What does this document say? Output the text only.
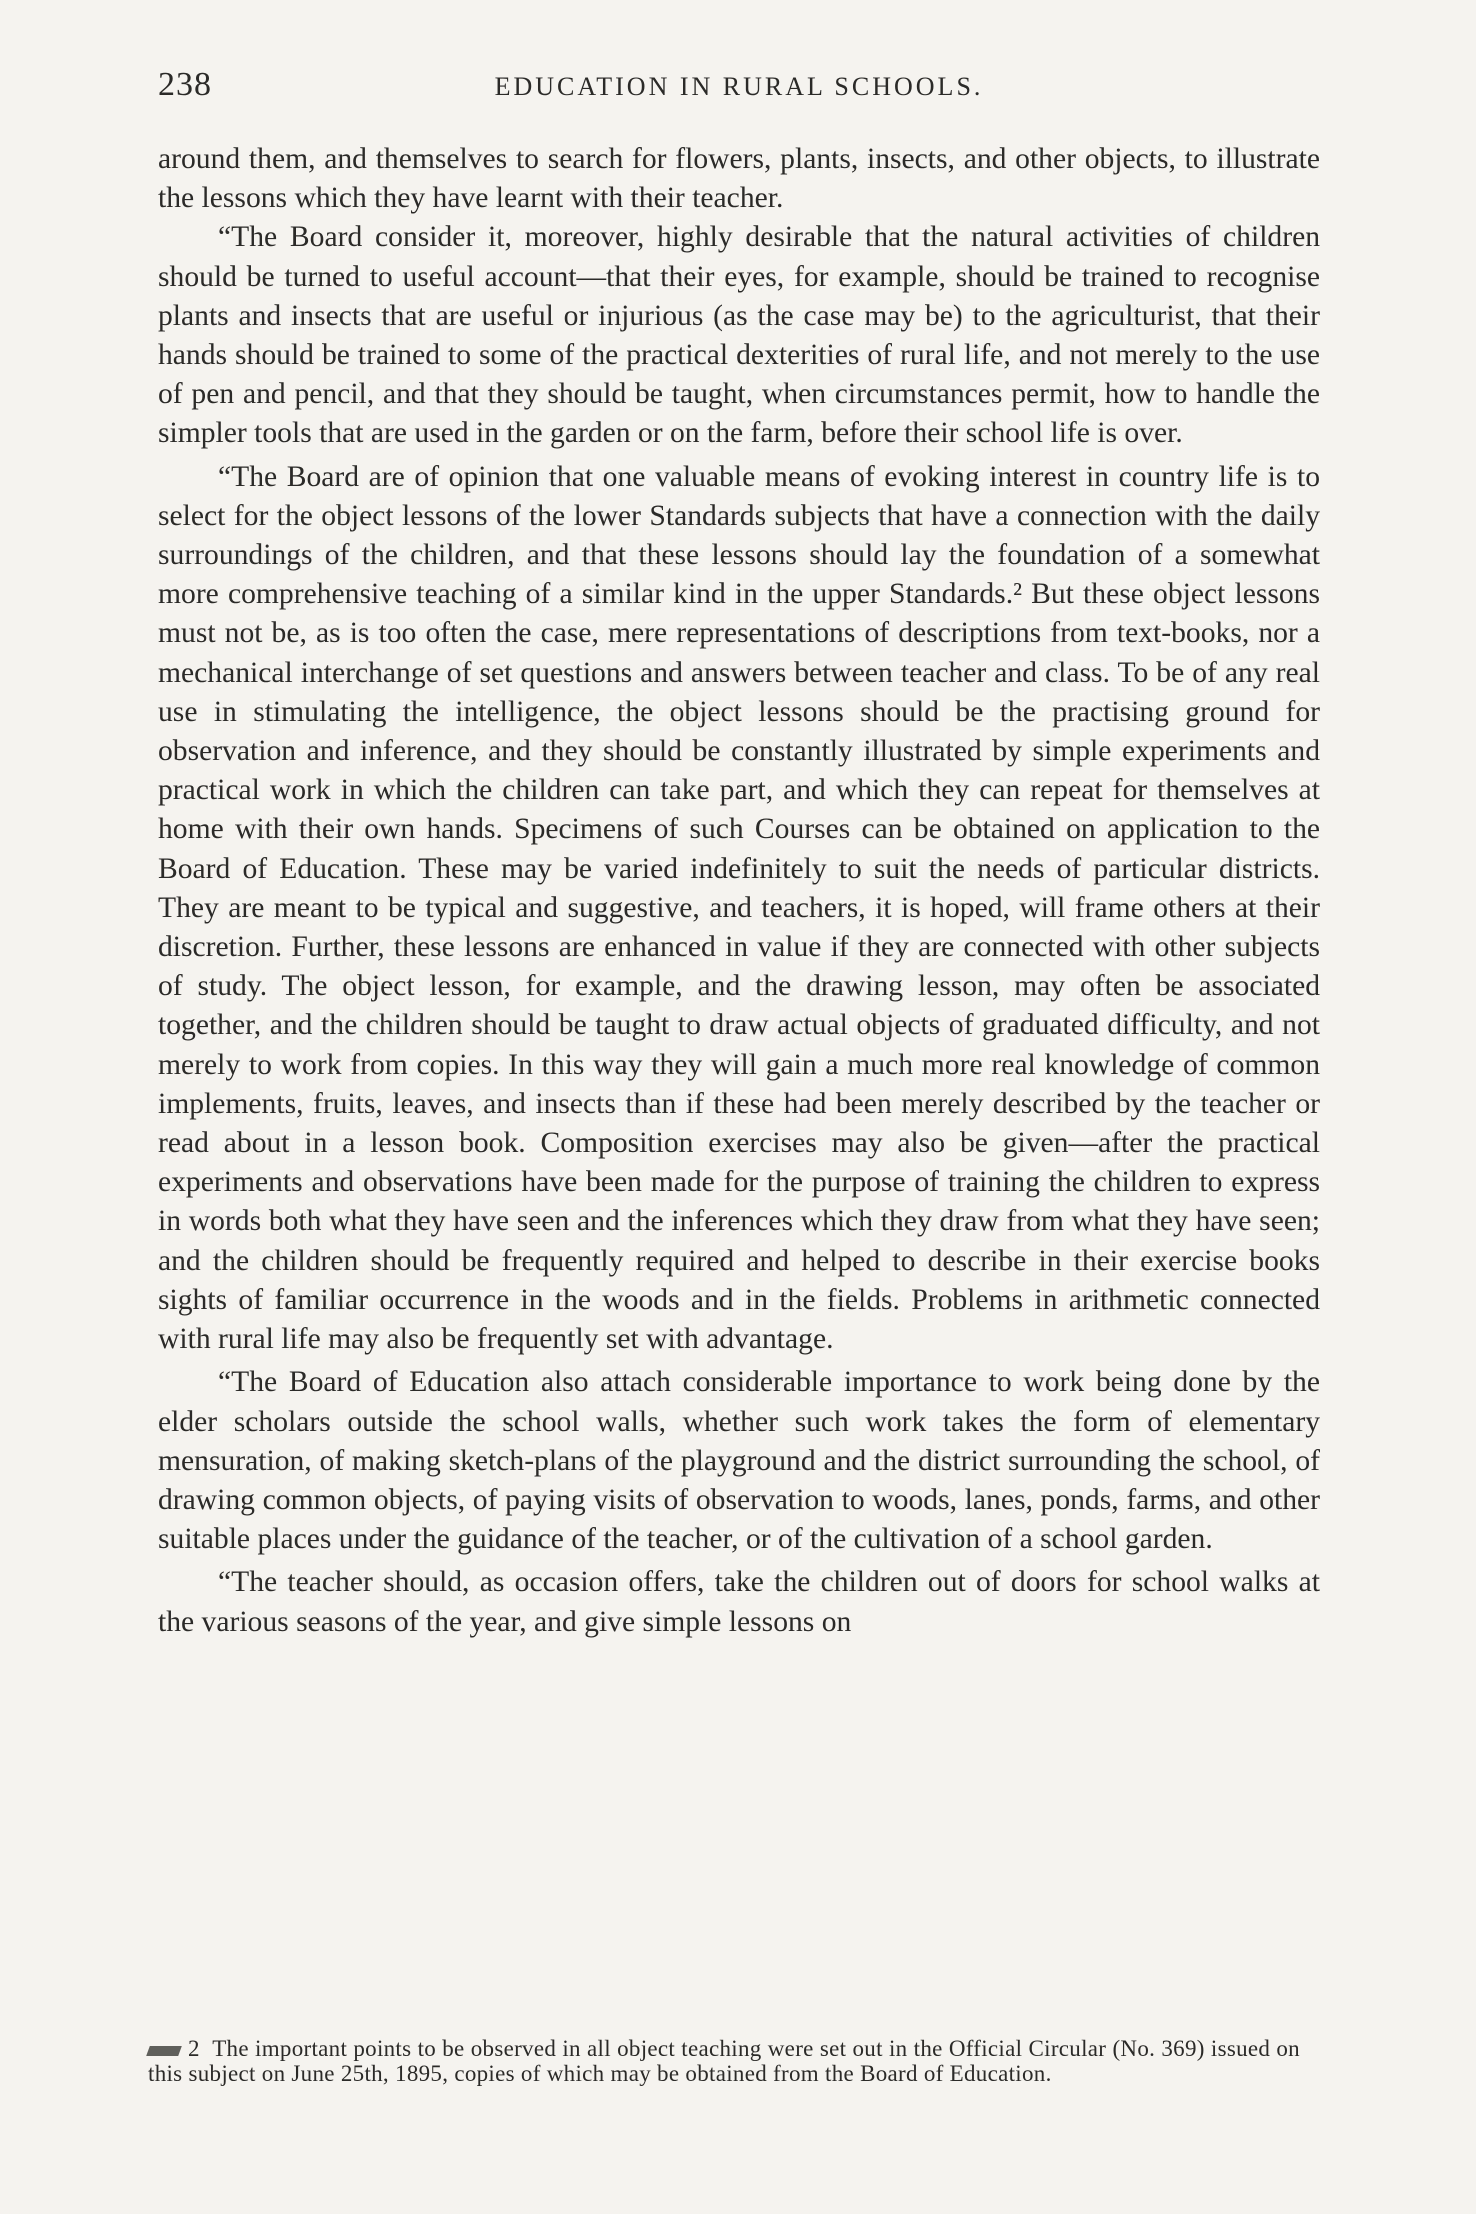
238	EDUCATION IN RURAL SCHOOLS.

around them, and themselves to search for flowers, plants, insects, and other objects, to illustrate the lessons which they have learnt with their teacher.

“The Board consider it, moreover, highly desirable that the natural activities of children should be turned to useful account—that their eyes, for example, should be trained to recognise plants and insects that are useful or injurious (as the case may be) to the agriculturist, that their hands should be trained to some of the practical dexterities of rural life, and not merely to the use of pen and pencil, and that they should be taught, when circumstances permit, how to handle the simpler tools that are used in the garden or on the farm, before their school life is over.

“The Board are of opinion that one valuable means of evoking interest in country life is to select for the object lessons of the lower Standards subjects that have a connection with the daily surroundings of the children, and that these lessons should lay the foundation of a somewhat more comprehensive teaching of a similar kind in the upper Standards.² But these object lessons must not be, as is too often the case, mere representations of descriptions from text-books, nor a mechanical interchange of set questions and answers between teacher and class. To be of any real use in stimulating the intelligence, the object lessons should be the practising ground for observation and inference, and they should be constantly illustrated by simple experiments and practical work in which the children can take part, and which they can repeat for themselves at home with their own hands. Specimens of such Courses can be obtained on application to the Board of Education. These may be varied indefinitely to suit the needs of particular districts. They are meant to be typical and suggestive, and teachers, it is hoped, will frame others at their discretion. Further, these lessons are enhanced in value if they are connected with other subjects of study. The object lesson, for example, and the drawing lesson, may often be associated together, and the children should be taught to draw actual objects of graduated difficulty, and not merely to work from copies. In this way they will gain a much more real knowledge of common implements, fruits, leaves, and insects than if these had been merely described by the teacher or read about in a lesson book. Composition exercises may also be given—after the practical experiments and observations have been made for the purpose of training the children to express in words both what they have seen and the inferences which they draw from what they have seen; and the children should be frequently required and helped to describe in their exercise books sights of familiar occurrence in the woods and in the fields. Problems in arithmetic connected with rural life may also be frequently set with advantage.

“The Board of Education also attach considerable importance to work being done by the elder scholars outside the school walls, whether such work takes the form of elementary mensuration, of making sketch-plans of the playground and the district surrounding the school, of drawing common objects, of paying visits of observation to woods, lanes, ponds, farms, and other suitable places under the guidance of the teacher, or of the cultivation of a school garden.

“The teacher should, as occasion offers, take the children out of doors for school walks at the various seasons of the year, and give simple lessons on

2 The important points to be observed in all object teaching were set out in the Official Circular (No. 369) issued on this subject on June 25th, 1895, copies of which may be obtained from the Board of Education.
